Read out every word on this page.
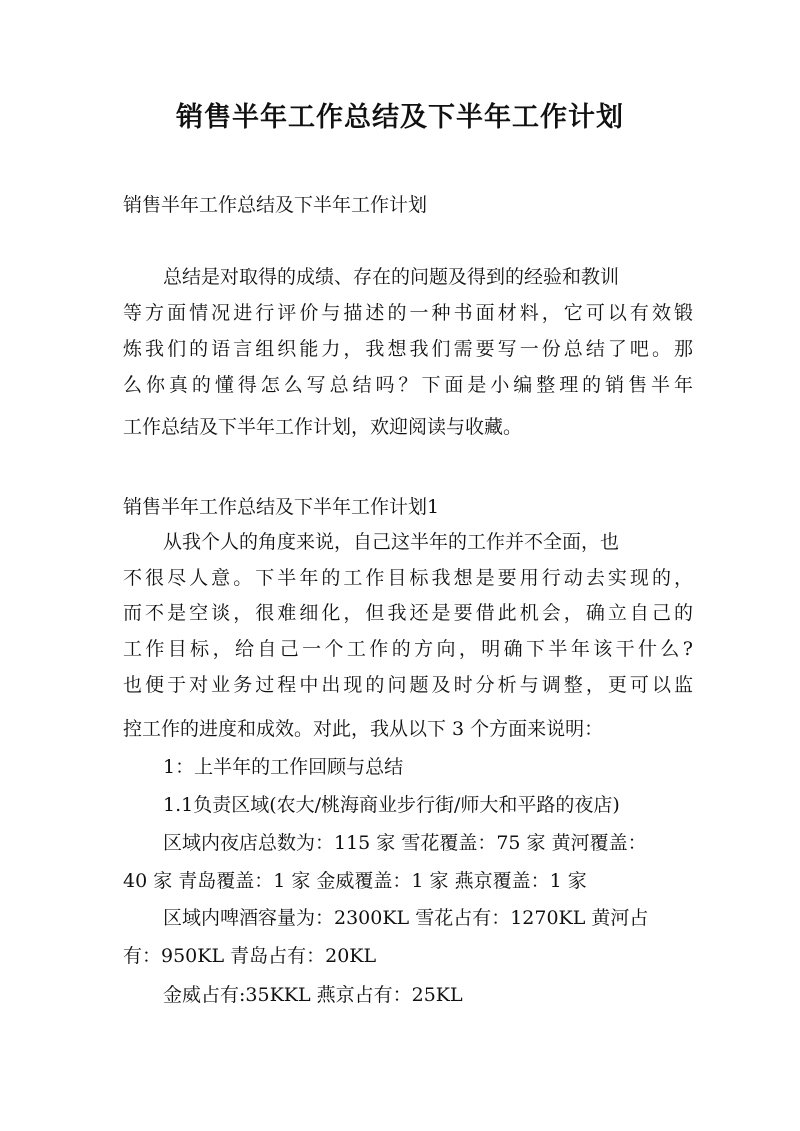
销售半年工作总结及下半年工作计划

销售半年工作总结及下半年工作计划

总结是对取得的成绩、存在的问题及得到的经验和教训

等方面情况进行评价与描述的一种书面材料，它可以有效锻

炼我们的语言组织能力，我想我们需要写一份总结了吧。那

么你真的懂得怎么写总结吗？下面是小编整理的销售半年

工作总结及下半年工作计划，欢迎阅读与收藏。

销售半年工作总结及下半年工作计划1

从我个人的角度来说，自己这半年的工作并不全面，也

不很尽人意。下半年的工作目标我想是要用行动去实现的，

而不是空谈，很难细化，但我还是要借此机会，确立自己的

工作目标，给自己一个工作的方向，明确下半年该干什么?

也便于对业务过程中出现的问题及时分析与调整，更可以监

控工作的进度和成效。对此，我从以下 3 个方面来说明：

1：上半年的工作回顾与总结

1.1负责区域(农大/桃海商业步行街/师大和平路的夜店)

区域内夜店总数为：115 家 雪花覆盖：75 家 黄河覆盖：

40 家 青岛覆盖：1 家 金威覆盖：1 家 燕京覆盖：1 家

区域内啤酒容量为：2300KL 雪花占有：1270KL 黄河占

有：950KL 青岛占有：20KL

金威占有:35KKL 燕京占有：25KL
